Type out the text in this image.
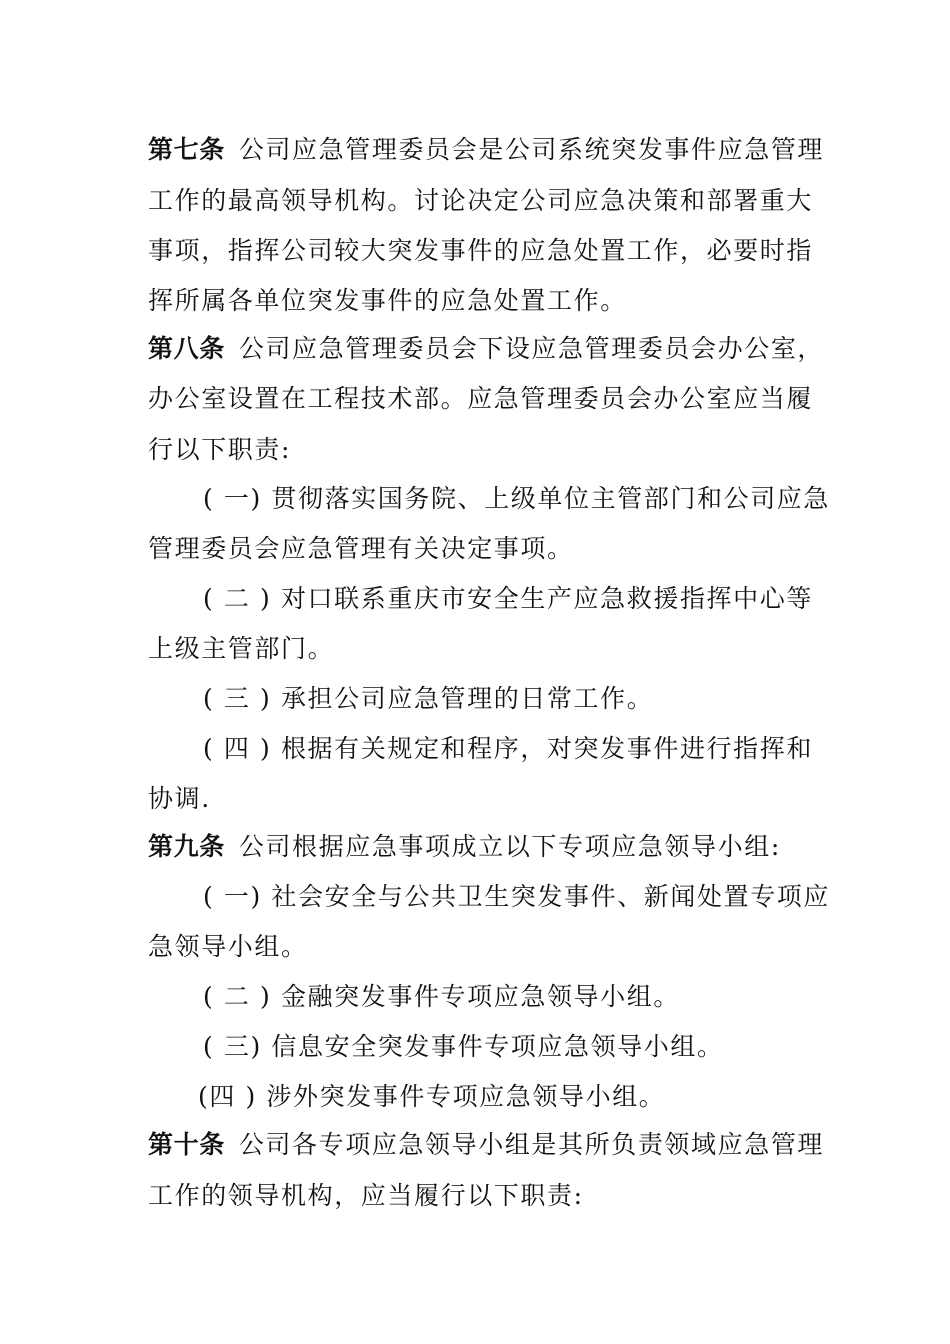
第七条 公司应急管理委员会是公司系统突发事件应急管理
工作的最高领导机构。讨论决定公司应急决策和部署重大
事项，指挥公司较大突发事件的应急处置工作，必要时指
挥所属各单位突发事件的应急处置工作。
第八条 公司应急管理委员会下设应急管理委员会办公室，
办公室设置在工程技术部。应急管理委员会办公室应当履
行以下职责:
( 一) 贯彻落实国务院、上级单位主管部门和公司应急
管理委员会应急管理有关决定事项。
( 二 ) 对口联系重庆市安全生产应急救援指挥中心等
上级主管部门。
( 三 ) 承担公司应急管理的日常工作。
( 四 ) 根据有关规定和程序，对突发事件进行指挥和
协调.
第九条 公司根据应急事项成立以下专项应急领导小组:
( 一) 社会安全与公共卫生突发事件、新闻处置专项应
急领导小组。
( 二 ) 金融突发事件专项应急领导小组。
( 三) 信息安全突发事件专项应急领导小组。
(四 ) 涉外突发事件专项应急领导小组。
第十条 公司各专项应急领导小组是其所负责领域应急管理
工作的领导机构，应当履行以下职责:
